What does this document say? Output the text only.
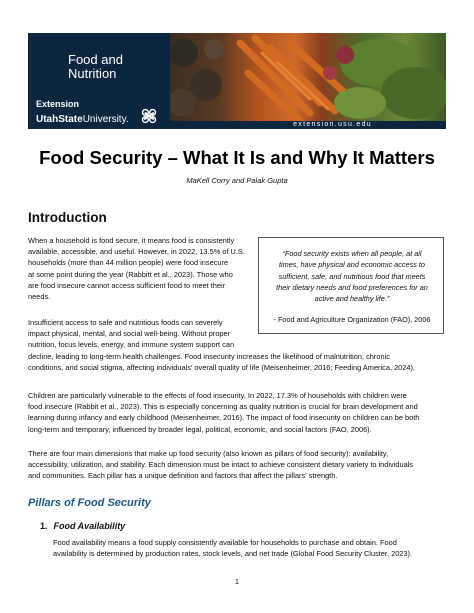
Food and
Nutrition
Extension
UtahStateUniversity.	extension.usu.edu
Food Security – What It Is and Why It Matters
MaKell Corry and Palak Gupta
Introduction
When a household is food secure, it means food is consistently
available, accessible, and useful. However, in 2022, 13.5% of U.S.
households (more than 44 million people) were food insecure
at some point during the year (Rabbitt et al., 2023). Those who
are food insecure cannot access sufficient food to meet their
needs.
Insufficient access to safe and nutritious foods can severely
impact physical, mental, and social well-being. Without proper
nutrition, focus levels, energy, and immune system support can
decline, leading to long-term health challenges. Food insecurity increases the likelihood of malnutrition, chronic
conditions, and social stigma, affecting individuals' overall quality of life (Meisenheimer, 2016; Feeding America, 2024).
“Food security exists when all people, at all
times, have physical and economic access to
sufficient, safe, and nutritious food that meets
their dietary needs and food preferences for an
active and healthy life.”
- Food and Agriculture Organization (FAO), 2006
Children are particularly vulnerable to the effects of food insecurity. In 2022, 17.3% of households with children were
food insecure (Rabbit et al., 2023). This is especially concerning as quality nutrition is crucial for brain development and
learning during infancy and early childhood (Meisenheimer, 2016). The impact of food insecurity on children can be both
long-term and temporary, influenced by broader legal, political, economic, and social factors (FAO, 2006).
There are four main dimensions that make up food security (also known as pillars of food security): availability,
accessibility, utilization, and stability. Each dimension must be intact to achieve consistent dietary variety to individuals
and communities. Each pillar has a unique definition and factors that affect the pillars' strength.
Pillars of Food Security
1. Food Availability
Food availability means a food supply consistently available for households to purchase and obtain. Food
availability is determined by production rates, stock levels, and net trade (Global Food Security Cluster, 2023).
1
